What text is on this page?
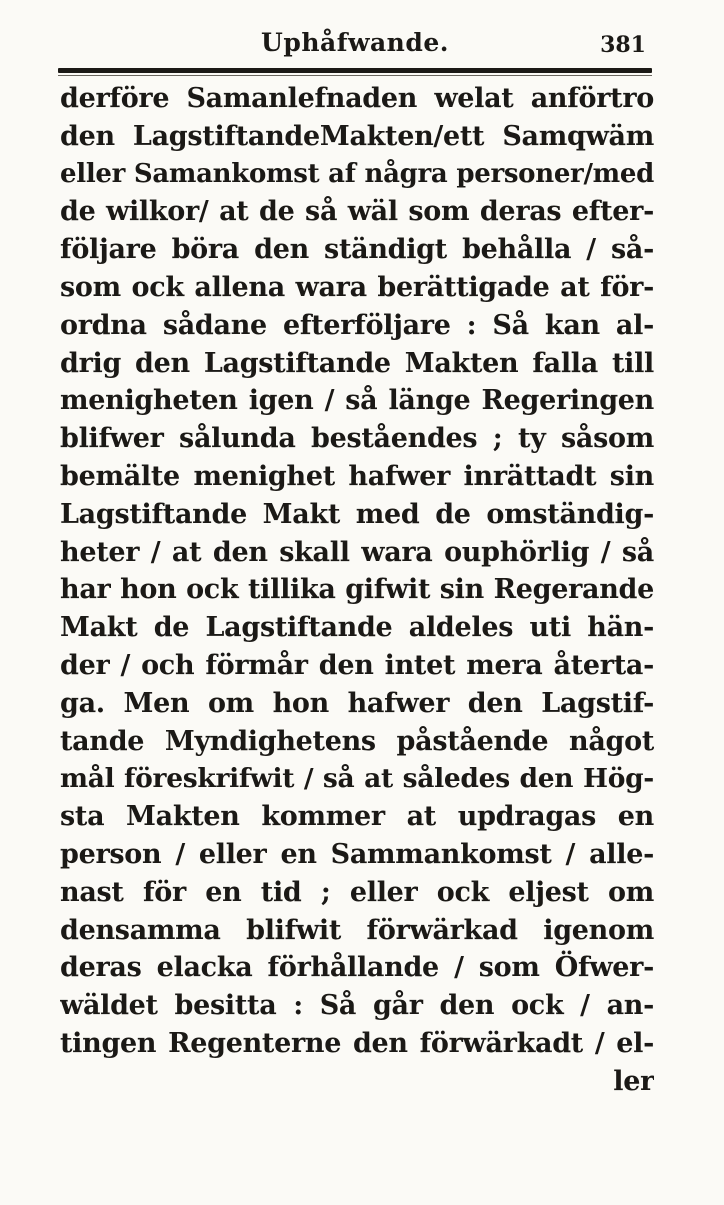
Uphåfwande.	381
derföre Samanlefnaden welat anförtro
den LagstiftandeMakten/ett Samqwäm
eller Samankomst af några personer/med
de wilkor/ at de så wäl som deras efter-
följare böra den ständigt behålla / så-
som ock allena wara berättigade at för-
ordna sådane efterföljare : Så kan al-
drig den Lagstiftande Makten falla till
menigheten igen / så länge Regeringen
blifwer sålunda beståendes ; ty såsom
bemälte menighet hafwer inrättadt sin
Lagstiftande Makt med de omständig-
heter / at den skall wara ouphörlig / så
har hon ock tillika gifwit sin Regerande
Makt de Lagstiftande aldeles uti hän-
der / och förmår den intet mera återta-
ga. Men om hon hafwer den Lagstif-
tande Myndighetens påstående något
mål föreskrifwit / så at således den Hög-
sta Makten kommer at updragas en
person / eller en Sammankomst / alle-
nast för en tid ; eller ock eljest om
densamma blifwit förwärkad igenom
deras elacka förhållande / som Öfwer-
wäldet besitta : Så går den ock / an-
tingen Regenterne den förwärkadt / el-
ler
